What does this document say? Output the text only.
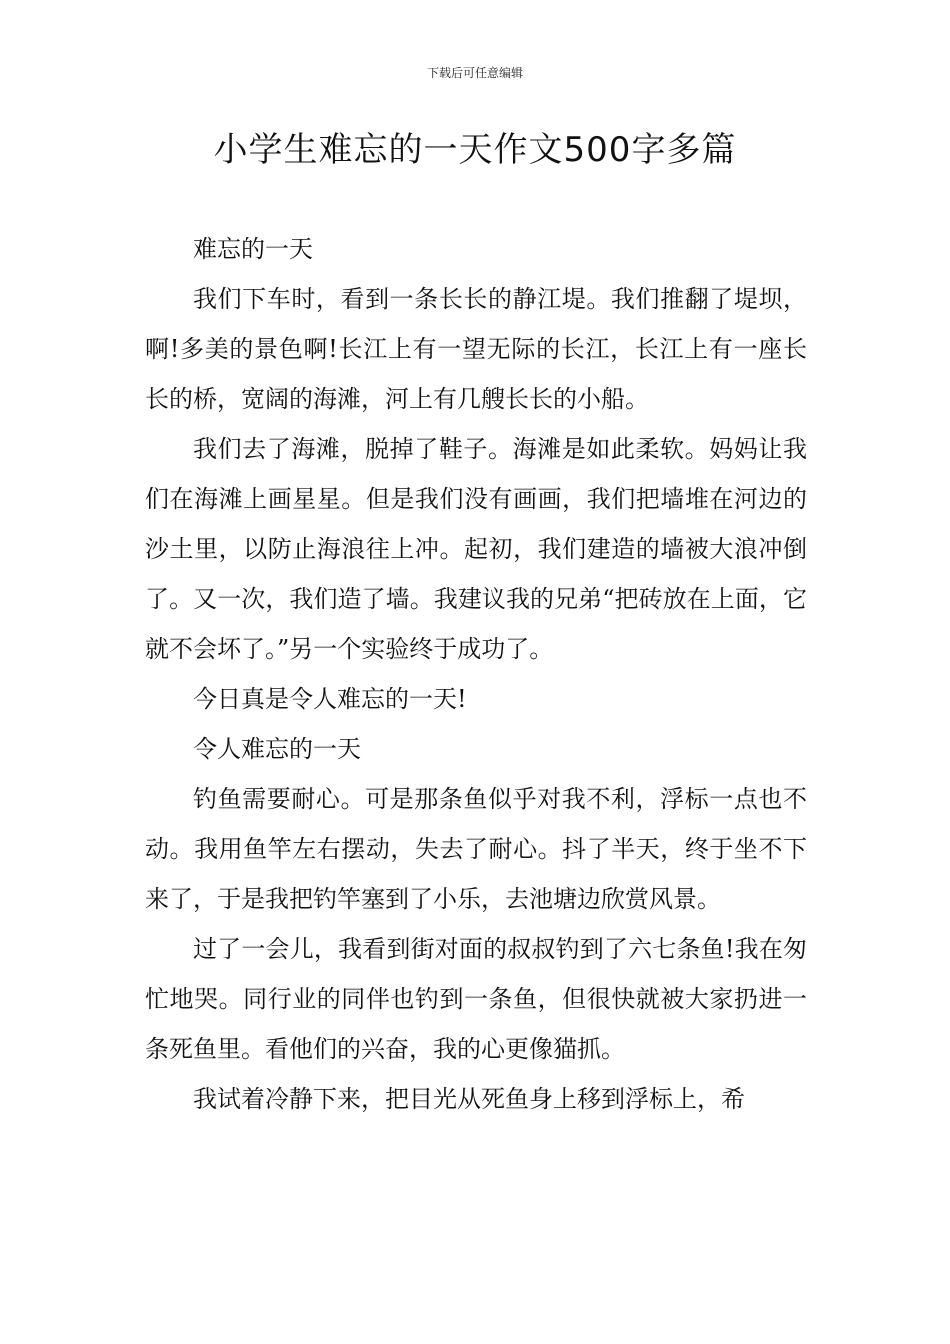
下载后可任意编辑
小学生难忘的一天作文500字多篇

难忘的一天

我们下车时，看到一条长长的静江堤。我们推翻了堤坝，啊!多美的景色啊!长江上有一望无际的长江，长江上有一座长长的桥，宽阔的海滩，河上有几艘长长的小船。

我们去了海滩，脱掉了鞋子。海滩是如此柔软。妈妈让我们在海滩上画星星。但是我们没有画画，我们把墙堆在河边的沙土里，以防止海浪往上冲。起初，我们建造的墙被大浪冲倒了。又一次，我们造了墙。我建议我的兄弟“把砖放在上面，它就不会坏了。”另一个实验终于成功了。

今日真是令人难忘的一天!

令人难忘的一天

钓鱼需要耐心。可是那条鱼似乎对我不利，浮标一点也不动。我用鱼竿左右摆动，失去了耐心。抖了半天，终于坐不下来了，于是我把钓竿塞到了小乐，去池塘边欣赏风景。

过了一会儿，我看到街对面的叔叔钓到了六七条鱼!我在匆忙地哭。同行业的同伴也钓到一条鱼，但很快就被大家扔进一条死鱼里。看他们的兴奋，我的心更像猫抓。

我试着冷静下来，把目光从死鱼身上移到浮标上，希
